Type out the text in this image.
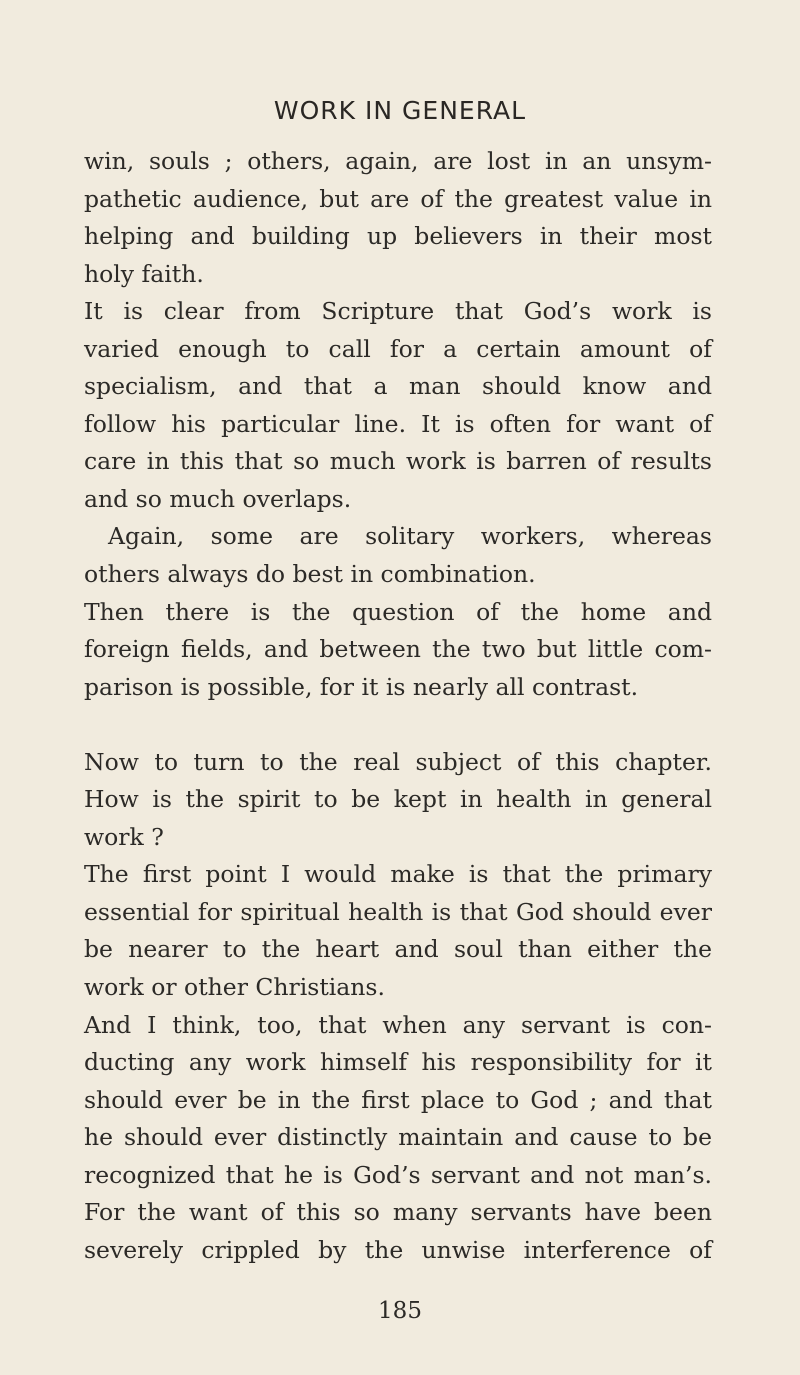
WORK IN GENERAL
win, souls ; others, again, are lost in an unsym-
pathetic audience, but are of the greatest value in
helping and building up believers in their most
holy faith.
It is clear from Scripture that God’s work is
varied enough to call for a certain amount of
specialism, and that a man should know and
follow his particular line. It is often for want of
care in this that so much work is barren of results
and so much overlaps.
Again, some are solitary workers, whereas
others always do best in combination.
Then there is the question of the home and
foreign fields, and between the two but little com-
parison is possible, for it is nearly all contrast.
Now to turn to the real subject of this chapter.
How is the spirit to be kept in health in general
work ?
The first point I would make is that the primary
essential for spiritual health is that God should ever
be nearer to the heart and soul than either the
work or other Christians.
And I think, too, that when any servant is con-
ducting any work himself his responsibility for it
should ever be in the first place to God ; and that
he should ever distinctly maintain and cause to be
recognized that he is God’s servant and not man’s.
For the want of this so many servants have been
severely crippled by the unwise interference of
185
